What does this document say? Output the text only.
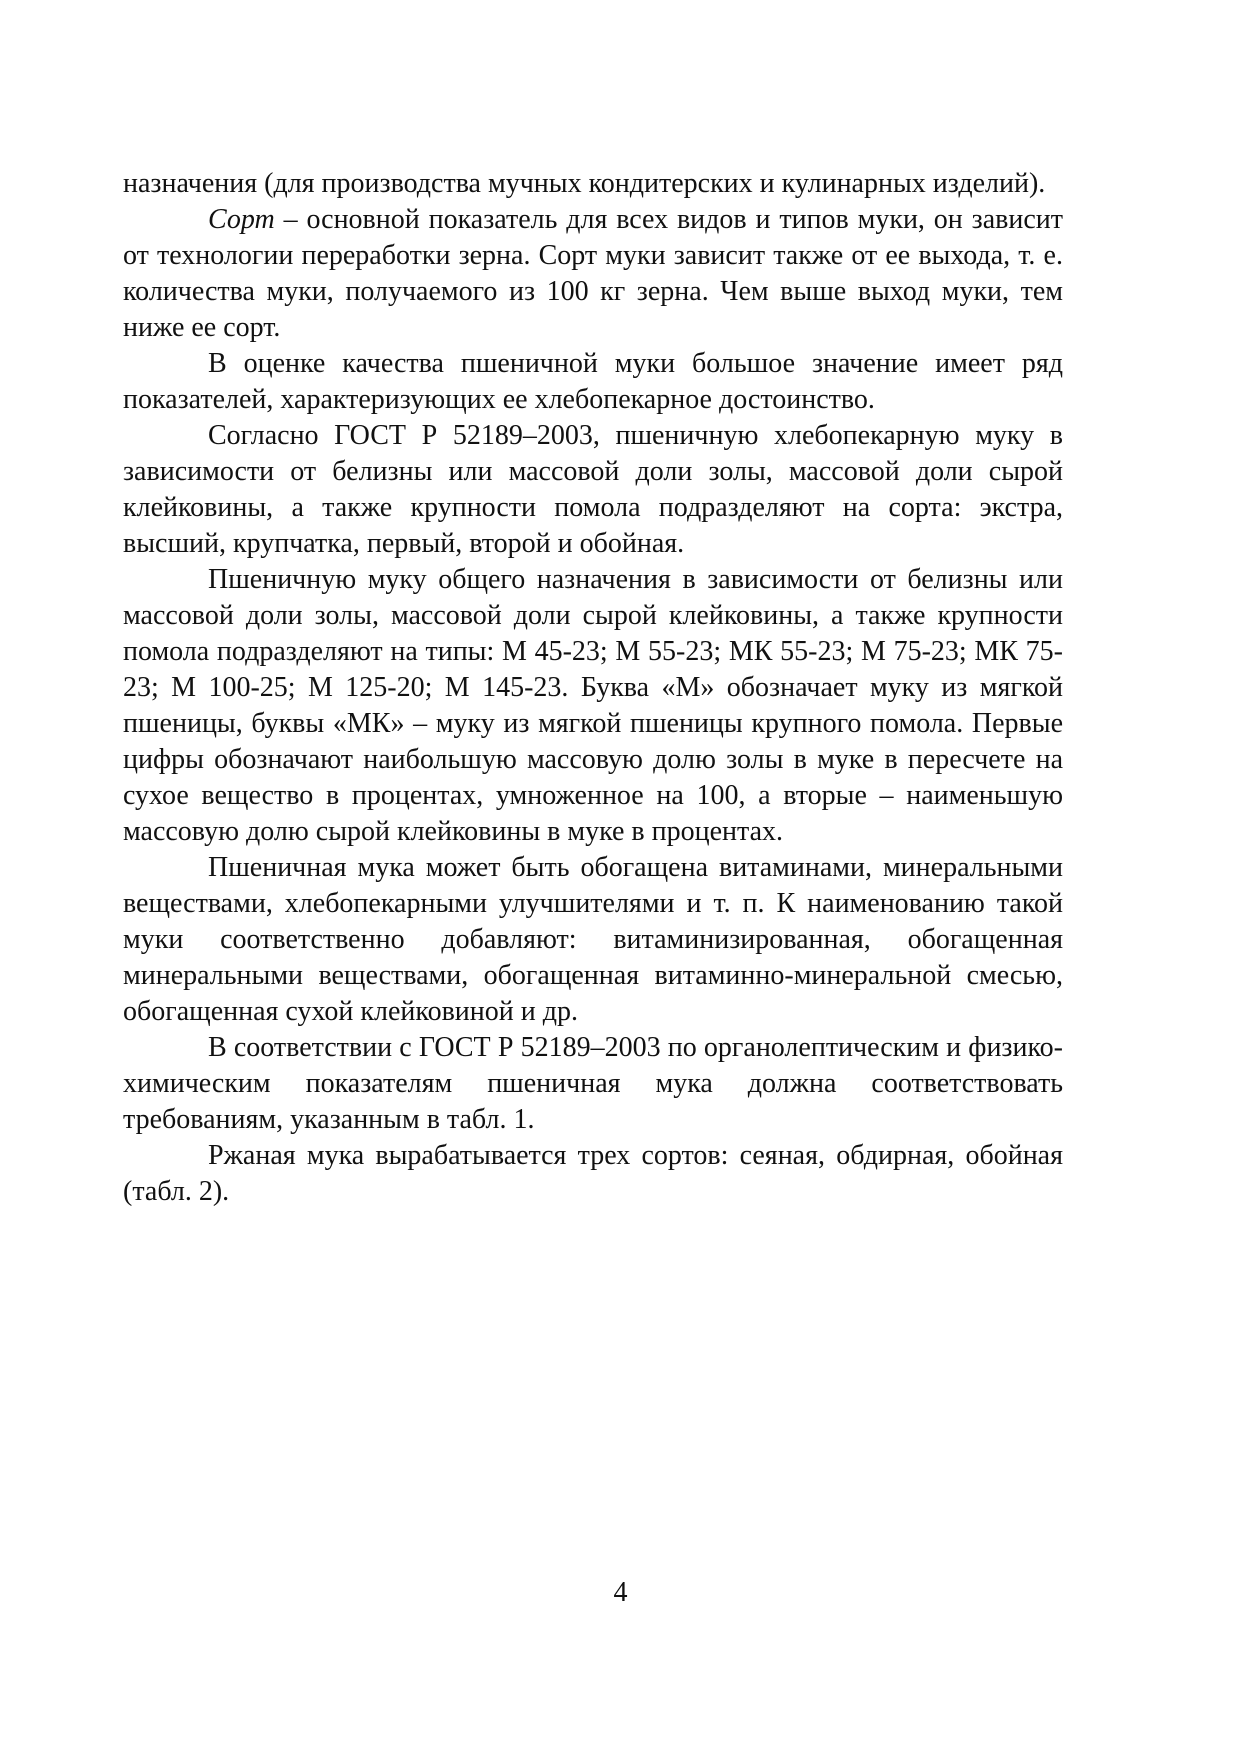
назначения (для производства мучных кондитерских и кулинарных изделий).

Сорт – основной показатель для всех видов и типов муки, он зависит от технологии переработки зерна. Сорт муки зависит также от ее выхода, т. е. количества муки, получаемого из 100 кг зерна. Чем выше выход муки, тем ниже ее сорт.

В оценке качества пшеничной муки большое значение имеет ряд показателей, характеризующих ее хлебопекарное достоинство.

Согласно ГОСТ Р 52189–2003, пшеничную хлебопекарную муку в зависимости от белизны или массовой доли золы, массовой доли сырой клейковины, а также крупности помола подразделяют на сорта: экстра, высший, крупчатка, первый, второй и обойная.

Пшеничную муку общего назначения в зависимости от белизны или массовой доли золы, массовой доли сырой клейковины, а также крупности помола подразделяют на типы: М 45-23; М 55-23; МК 55-23; М 75-23; МК 75-23; М 100-25; М 125-20; М 145-23. Буква «М» обозначает муку из мягкой пшеницы, буквы «МК» – муку из мягкой пшеницы крупного помола. Первые цифры обозначают наибольшую массовую долю золы в муке в пересчете на сухое вещество в процентах, умноженное на 100, а вторые – наименьшую массовую долю сырой клейковины в муке в процентах.

Пшеничная мука может быть обогащена витаминами, минеральными веществами, хлебопекарными улучшителями и т. п. К наименованию такой муки соответственно добавляют: витаминизированная, обогащенная минеральными веществами, обогащенная витаминно-минеральной смесью, обогащенная сухой клейковиной и др.

В соответствии с ГОСТ Р 52189–2003 по органолептическим и физико-химическим показателям пшеничная мука должна соответствовать требованиям, указанным в табл. 1.

Ржаная мука вырабатывается трех сортов: сеяная, обдирная, обойная (табл. 2).

4
